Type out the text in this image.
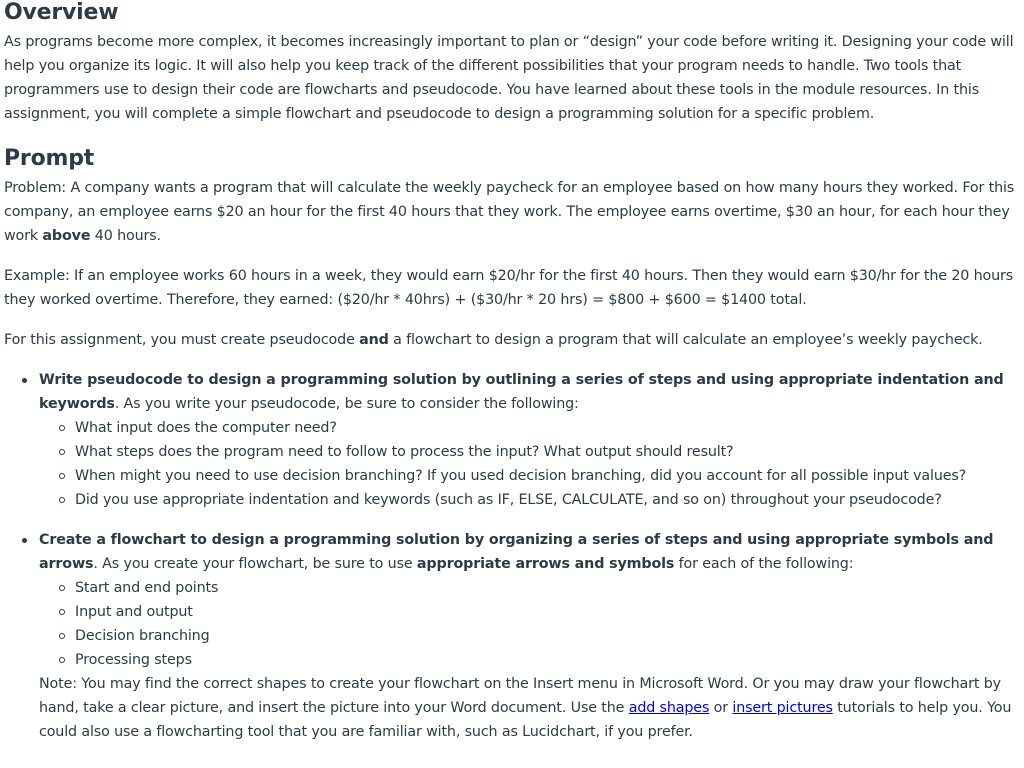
Overview

As programs become more complex, it becomes increasingly important to plan or “design” your code before writing it. Designing your code will help you organize its logic. It will also help you keep track of the different possibilities that your program needs to handle. Two tools that programmers use to design their code are flowcharts and pseudocode. You have learned about these tools in the module resources. In this assignment, you will complete a simple flowchart and pseudocode to design a programming solution for a specific problem.

Prompt

Problem: A company wants a program that will calculate the weekly paycheck for an employee based on how many hours they worked. For this company, an employee earns $20 an hour for the first 40 hours that they work. The employee earns overtime, $30 an hour, for each hour they work above 40 hours.

Example: If an employee works 60 hours in a week, they would earn $20/hr for the first 40 hours. Then they would earn $30/hr for the 20 hours they worked overtime. Therefore, they earned: ($20/hr * 40hrs) + ($30/hr * 20 hrs) = $800 + $600 = $1400 total.

For this assignment, you must create pseudocode and a flowchart to design a program that will calculate an employee’s weekly paycheck.

Write pseudocode to design a programming solution by outlining a series of steps and using appropriate indentation and keywords. As you write your pseudocode, be sure to consider the following:
What input does the computer need?
What steps does the program need to follow to process the input? What output should result?
When might you need to use decision branching? If you used decision branching, did you account for all possible input values?
Did you use appropriate indentation and keywords (such as IF, ELSE, CALCULATE, and so on) throughout your pseudocode?
Create a flowchart to design a programming solution by organizing a series of steps and using appropriate symbols and arrows. As you create your flowchart, be sure to use appropriate arrows and symbols for each of the following:
Start and end points
Input and output
Decision branching
Processing steps
Note: You may find the correct shapes to create your flowchart on the Insert menu in Microsoft Word. Or you may draw your flowchart by hand, take a clear picture, and insert the picture into your Word document. Use the add shapes or insert pictures tutorials to help you. You could also use a flowcharting tool that you are familiar with, such as Lucidchart, if you prefer.
